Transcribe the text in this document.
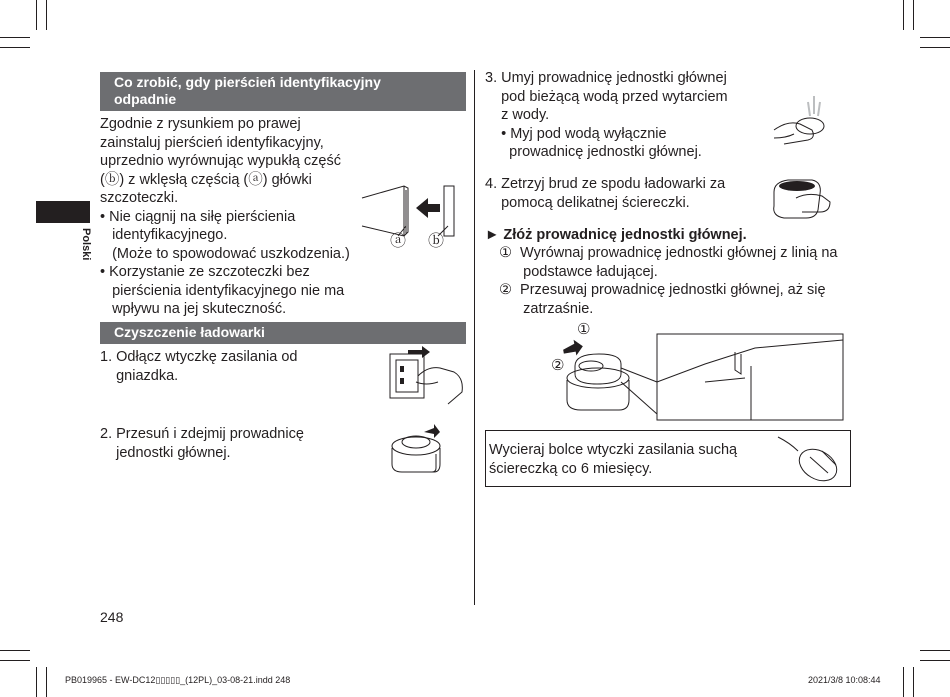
Polski
Co zrobić, gdy pierścień identyfikacyjny
odpadnie
Zgodnie z rysunkiem po prawej
zainstaluj pierścień identyfikacyjny,
uprzednio wyrównując wypukłą część
(ⓑ) z wklęsłą częścią (ⓐ) główki
szczoteczki.
• Nie ciągnij na siłę pierścienia
identyfikacyjnego.
(Może to spowodować uszkodzenia.)
• Korzystanie ze szczoteczki bez
pierścienia identyfikacyjnego nie ma
wpływu na jej skuteczność.
ⓐ ⓑ
Czyszczenie ładowarki
1. Odłącz wtyczkę zasilania od
gniazdka.
2. Przesuń i zdejmij prowadnicę
jednostki głównej.
248
3. Umyj prowadnicę jednostki głównej
pod bieżącą wodą przed wytarciem
z wody.
• Myj pod wodą wyłącznie
prowadnicę jednostki głównej.
4. Zetrzyj brud ze spodu ładowarki za
pomocą delikatnej ściereczki.
► Złóż prowadnicę jednostki głównej.
①  Wyrównaj prowadnicę jednostki głównej z linią na
podstawce ładującej.
②  Przesuwaj prowadnicę jednostki głównej, aż się
zatrzaśnie.
①
②
Wycieraj bolce wtyczki zasilania suchą
ściereczką co 6 miesięcy.
PB019965 - EW-DC12▯▯▯▯▯_(12PL)_03-08-21.indd 248	2021/3/8 10:08:44
